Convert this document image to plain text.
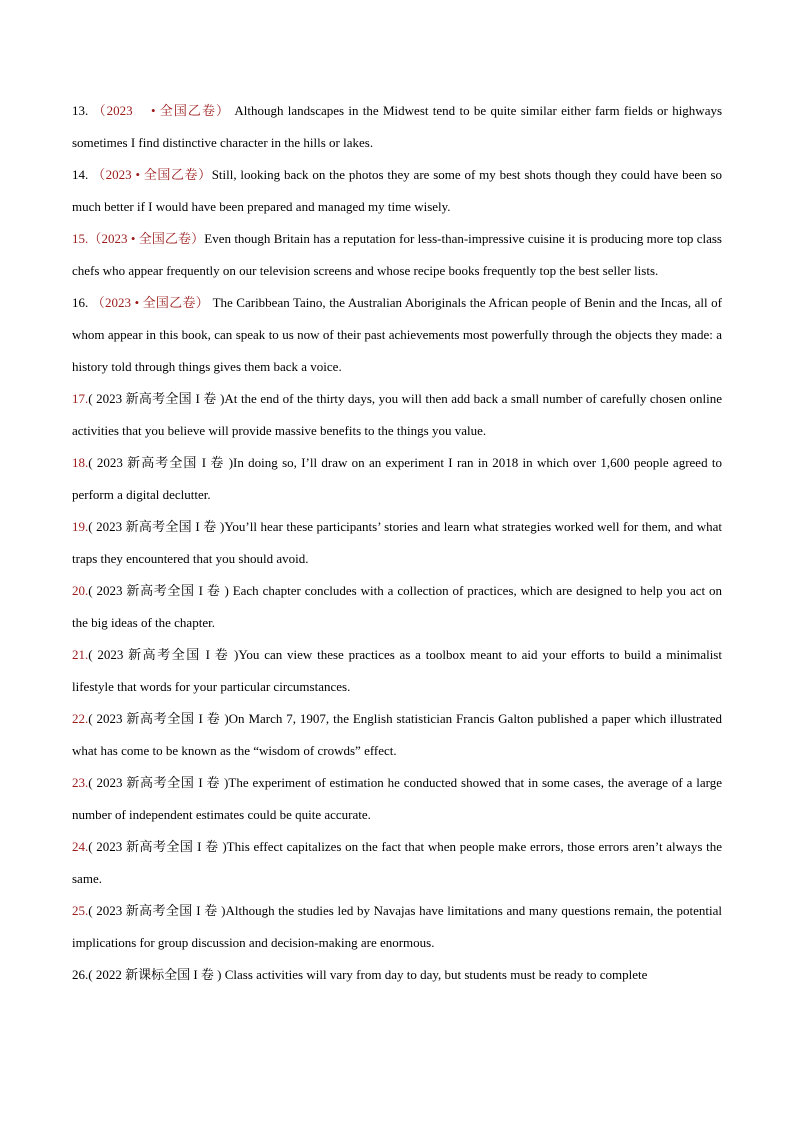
13. （2023 　• 全国乙卷） Although landscapes in the Midwest tend to be quite similar either farm fields or highways sometimes I find distinctive character in the hills or lakes.

14. （2023 • 全国乙卷）Still, looking back on the photos they are some of my best shots though they could have been so much better if I would have been prepared and managed my time wisely.

15.（2023 • 全国乙卷）Even though Britain has a reputation for less-than-impressive cuisine it is producing more top class chefs who appear frequently on our television screens and whose recipe books frequently top the best seller lists.

16. （2023 • 全国乙卷） The Caribbean Taino, the Australian Aboriginals the African people of Benin and the Incas, all of whom appear in this book, can speak to us now of their past achievements most powerfully through the objects they made: a history told through things gives them back a voice.

17.( 2023 新高考全国 I 卷 )At the end of the thirty days, you will then add back a small number of carefully chosen online activities that you believe will provide massive benefits to the things you value.

18.( 2023 新高考全国 I 卷 )In doing so, I’ll draw on an experiment I ran in 2018 in which over 1,600 people agreed to perform a digital declutter.

19.( 2023 新高考全国 I 卷 )You’ll hear these participants’ stories and learn what strategies worked well for them, and what traps they encountered that you should avoid.

20.( 2023 新高考全国 I 卷 ) Each chapter concludes with a collection of practices, which are designed to help you act on the big ideas of the chapter.

21.( 2023 新高考全国 I 卷 )You can view these practices as a toolbox meant to aid your efforts to build a minimalist lifestyle that words for your particular circumstances.

22.( 2023 新高考全国 I 卷 )On March 7, 1907, the English statistician Francis Galton published a paper which illustrated what has come to be known as the “wisdom of crowds” effect.

23.( 2023 新高考全国 I 卷 )The experiment of estimation he conducted showed that in some cases, the average of a large number of independent estimates could be quite accurate.

24.( 2023 新高考全国 I 卷 )This effect capitalizes on the fact that when people make errors, those errors aren’t always the same.

25.( 2023 新高考全国 I 卷 )Although the studies led by Navajas have limitations and many questions remain, the potential implications for group discussion and decision-making are enormous.

26.( 2022 新课标全国 I 卷 ) Class activities will vary from day to day, but students must be ready to complete
